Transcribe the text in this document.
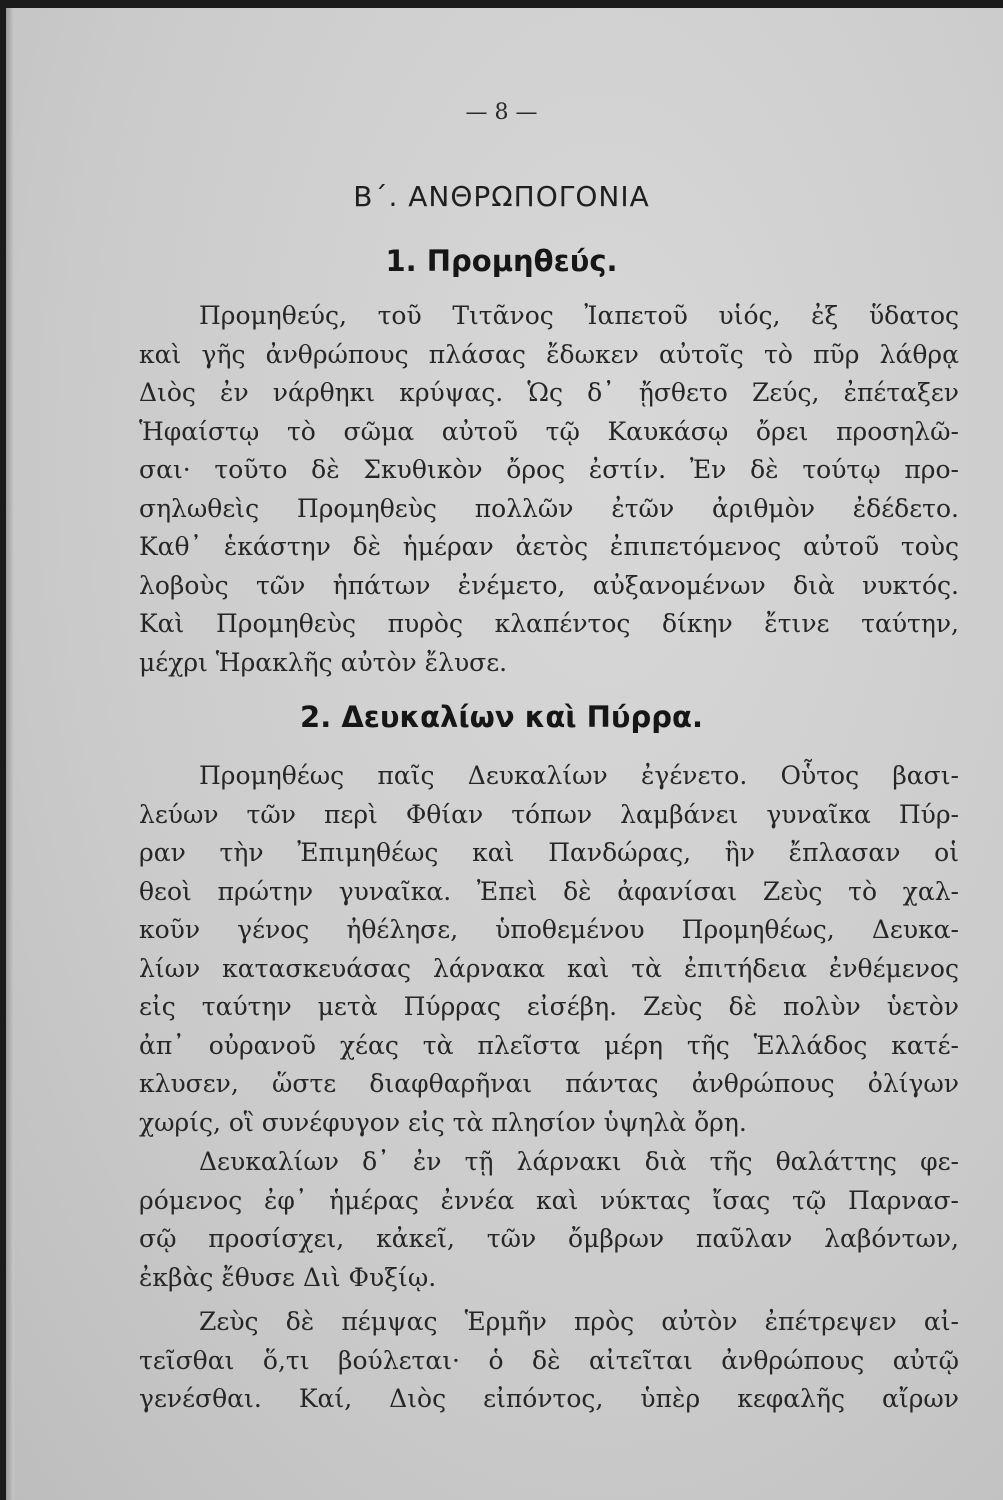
— 8 —
Β΄. ΑΝΘΡΩΠΟΓΟΝΙΑ
1. Προμηθεύς.
Προμηθεύς, τοῦ Τιτᾶνος Ἰαπετοῦ υἱός, ἐξ ὕδατος
καὶ γῆς ἀνθρώπους πλάσας ἔδωκεν αὐτοῖς τὸ πῦρ λάθρᾳ
Διὸς ἐν νάρθηκι κρύψας. Ὡς δ᾽ ᾔσθετο Ζεύς, ἐπέταξεν
Ἡφαίστῳ τὸ σῶμα αὐτοῦ τῷ Καυκάσῳ ὄρει προσηλῶ-
σαι· τοῦτο δὲ Σκυθικὸν ὄρος ἐστίν. Ἐν δὲ τούτῳ προ-
σηλωθεὶς Προμηθεὺς πολλῶν ἐτῶν ἀριθμὸν ἐδέδετο.
Καθ᾽ ἑκάστην δὲ ἡμέραν ἀετὸς ἐπιπετόμενος αὐτοῦ τοὺς
λοβοὺς τῶν ἡπάτων ἐνέμετο, αὐξανομένων διὰ νυκτός.
Καὶ Προμηθεὺς πυρὸς κλαπέντος δίκην ἔτινε ταύτην,
μέχρι Ἡρακλῆς αὐτὸν ἔλυσε.
2. Δευκαλίων καὶ Πύρρα.
Προμηθέως παῖς Δευκαλίων ἐγένετο. Οὗτος βασι-
λεύων τῶν περὶ Φθίαν τόπων λαμβάνει γυναῖκα Πύρ-
ραν τὴν Ἐπιμηθέως καὶ Πανδώρας, ἣν ἔπλασαν οἱ
θεοὶ πρώτην γυναῖκα. Ἐπεὶ δὲ ἀφανίσαι Ζεὺς τὸ χαλ-
κοῦν γένος ἠθέλησε, ὑποθεμένου Προμηθέως, Δευκα-
λίων κατασκευάσας λάρνακα καὶ τὰ ἐπιτήδεια ἐνθέμενος
εἰς ταύτην μετὰ Πύρρας εἰσέβη. Ζεὺς δὲ πολὺν ὑετὸν
ἀπ᾽ οὐρανοῦ χέας τὰ πλεῖστα μέρη τῆς Ἑλλάδος κατέ-
κλυσεν, ὥστε διαφθαρῆναι πάντας ἀνθρώπους ὀλίγων
χωρίς, οἳ συνέφυγον εἰς τὰ πλησίον ὑψηλὰ ὄρη.
Δευκαλίων δ᾽ ἐν τῇ λάρνακι διὰ τῆς θαλάττης φε-
ρόμενος ἐφ᾽ ἡμέρας ἐννέα καὶ νύκτας ἴσας τῷ Παρνασ-
σῷ προσίσχει, κἀκεῖ, τῶν ὄμβρων παῦλαν λαβόντων,
ἐκβὰς ἔθυσε Διὶ Φυξίῳ.
Ζεὺς δὲ πέμψας Ἑρμῆν πρὸς αὐτὸν ἐπέτρεψεν αἰ-
τεῖσθαι ὅ,τι βούλεται· ὁ δὲ αἰτεῖται ἀνθρώπους αὐτῷ
γενέσθαι. Καί, Διὸς εἰπόντος, ὑπὲρ κεφαλῆς αἴρων
